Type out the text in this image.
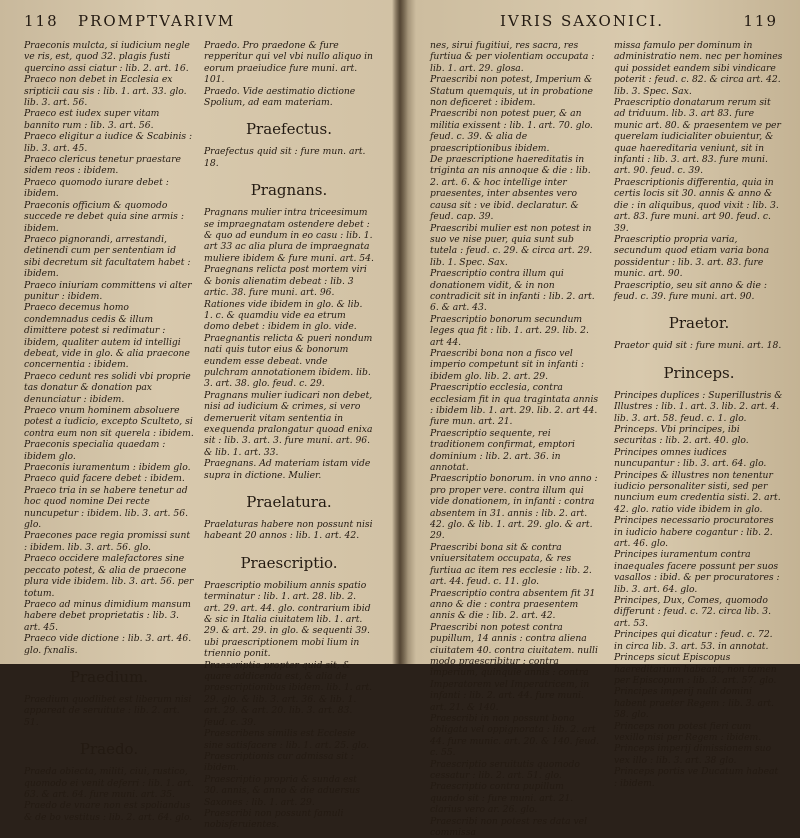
118 PROMPTVARIVM
Praeconis mulcta, si iudicium negle ve ris, est, quod 32. plagis fusti quercino assi ciatur : lib. 2. art. 16.
Praeco non debet in Ecclesia ex sripticii cau sis : lib. 1. art. 33. glo. lib. 3. art. 56.
Praeco est iudex super vitam bannito rum : lib. 3. art. 56.
Praeco eligitur a iudice & Scabinis : lib. 3. art. 45.
Praeco clericus tenetur praestare sidem reos : ibidem.
Praeco quomodo iurare debet : ibidem.
Praeconis officium & quomodo succede re debet quia sine armis : ibidem.
Praeco pignorandi, arrestandi, detinendi cum per sententiam id sibi decretum sit facultatem habet : ibidem.
Praeco iniuriam committens vi alter punitur : ibidem.
Praeco decemus homo condemnadus cedis & illum dimittere potest si redimatur : ibidem, qualiter autem id intelligi debeat, vide in glo. & alia praecone concernentia : ibidem.
Praeco cedunt res solidi vbi proprie tas donatur & donation pax denunciatur : ibidem.
Praeco vnum hominem absoluere potest a iudicio, excepto Sculteto, si contra eum non sit querela : ibidem.
Praeconis specialia quaedam : ibidem glo.
Praeconis iuramentum : ibidem glo.
Praeco quid facere debet : ibidem.
Praeco tria in se habere tenetur ad hoc quod nomine Dei recte nuncupetur : ibidem. lib. 3. art. 56. glo.
Praecones pace regia promissi sunt : ibidem. lib. 3. art. 56. glo.
Praeco occidere malefactores sine peccato potest, & alia de praecone plura vide ibidem. lib. 3. art. 56. per totum.
Praeco ad minus dimidium mansum habere debet proprietatis : lib. 3. art. 45.
Praeco vide dictione : lib. 3. art. 46. glo. fxnalis.
Praedium.
Praedium quodlibet est liberum nisi appareat de seruitute : lib. 2. art. 51.
Praedo.
Praeda obiecta, militi, ciui, rustico, quomodo ei venit deferri : lib. 1. art. 63. & art. 64. fure muni. art. 35.
Praedo de vnare non est spoliandus & de bo vestitus : lib. 2. art. 64. glo.
Praedo. Pro praedone & fure repperitur qui vel vbi nullo aliquo in eorum praeiudice fure muni. art. 101.
Praedo. Vide aestimatio dictione Spolium, ad eam materiam.
Praefectus.
Praefectus quid sit : fure mun. art. 18.
Pragnans.
Pragnans mulier intra triceesimum se impraegnatam ostendere debet : & quo ad eundum in eo casu : lib. 1. art 33 ac alia plura de impraegnata muliere ibidem & fure muni. art. 54.
Praegnans relicta post mortem viri & bonis alienatim debeat : lib. 3 artic. 38. fure muni. art. 96. Rationes vide ibidem in glo. & lib. 1. c. & quamdiu vide ea etrum domo debet : ibidem in glo. vide.
Praegnantis relicta & pueri nondum nati quis tutor eius & bonorum eundem esse debeat. vnde pulchram annotationem ibidem. lib. 3. art. 38. glo. feud. c. 29.
Pragnans mulier iudicari non debet, nisi ad iudicium & crimes, si vero demeruerit vitam sententia in exequenda pralongatur quoad enixa sit : lib. 3. art. 3. fure muni. art. 96. & lib. 1. art. 33.
Praegnans. Ad materiam istam vide supra in dictione. Mulier.
Praelatura.
Praelaturas habere non possunt nisi habeant 20 annos : lib. 1. art. 42.
Praescriptio.
Praescriptio mobilium annis spatio terminatur : lib. 1. art. 28. lib. 2. art. 29. art. 44. glo. contrarium ibid & sic in Italia ciuitatem lib. 1. art. 29. & art. 29. in glo. & sequenti 39. ubi praescriptionem mobi lium in triennio ponit.
Praescriptio propter quid sit, & quare addicenda est, & alia de praescriptionibus ibidem. lib. 1. art. 29. glo. & lib. 3. art. 36. & lib. 1. art. 29. & art. 20. lib. 3. art. 83. feud. c. 39.
Praescribens similis est Ecclesie sine satisfacere : lib. 1. art. 25. glo.
Praescriptionis cur admissa sit : ibidem.
Praescriptio propria & sunda est 30. annis, & anno & die aduersus Saxones : lib. 1. art. 29.
Praescribi non possunt famuli nobisferuientes.
IVRIS SAXONICI.	119
nes, sirui fugitiui, res sacra, res furtiua & per violentiam occupata : lib. 1. art. 29. glosa.
Praescribi non potest, Imperium & Statum quemquis, ut in probatione non deficeret : ibidem.
Praescribi non potest puer, & an militia exissent : lib. 1. art. 70. glo. feud. c. 39. & alia de praescriptionibus ibidem.
De praescriptione haereditatis in triginta an nis annoque & die : lib. 2. art. 6. & hoc intellige inter praesentes, inter absentes vero causa sit : ve ibid. declaratur. & feud. cap. 39.
Praescribi mulier est non potest in suo ve nise puer, quia sunt sub tutela : feud. c. 29. & circa art. 29. lib. 1. Spec. Sax.
Praescriptio contra illum qui donationem vidit, & in non contradicit sit in infanti : lib. 2. art. 6. & art. 43.
Praescriptio bonorum secundum leges qua fit : lib. 1. art. 29. lib. 2. art 44.
Praescribi bona non a fisco vel imperio competunt sit in infanti : ibidem glo. lib. 2. art. 29.
Praescriptio ecclesia, contra ecclesiam fit in qua tragintata annis : ibidem lib. 1. art. 29. lib. 2. art 44. fure mun. art. 21.
Praescriptio sequente, rei traditionem confirmat, emptori dominium : lib. 2. art. 36. in annotat.
Praescriptio bonorum. in vno anno : pro proper vere. contra illum qui vide donationem, in infanti : contra absentem in 31. annis : lib. 2. art. 42. glo. & lib. 1. art. 29. glo. & art. 29.
Praescribi bona sit & contra vniuersitatem occupata, & res furtiua ac item res ecclesie : lib. 2. art. 44. feud. c. 11. glo.
Praescriptio contra absentem fit 31 anno & die : contra praesentem annis & die : lib. 2. art. 42.
Praescribi non potest contra pupillum, 14 annis : contra aliena ciuitatem 40. contra ciuitatem. nulli modo praescribitur : contra imperium, quinquie annis : contra Imperatorem vel Imperatricem, in infanti : lib. 2. art. 44. fure muni. art. 21. & 140.
Praescribi in non possunt bona obligata vel oppignorata : lib. 2. art 44. fure munic. art. 20. & 140. feud. c. 55.
Praescriptio seruitutis quomodo cessatur : lib. 2. art. 51. glo.
Praescriptio contra pupillum quando sit : fure muni. art. 21. clarius vero ar. 26. glo.
Praescribi non potest res data vel commissa
missa famulo per dominum in administratio nem. nec per homines qui possidet eandem sibi vindicare poterit : feud. c. 82. & circa art. 42. lib. 3. Spec. Sax.
Praescriptio donatarum rerum sit ad triduum. lib. 3. art 83. fure munic art. 80. & praesentem ve per querelam iudicialiter obuientur, & quae haereditaria veniunt, sit in infanti : lib. 3. art. 83. fure muni. art. 90. feud. c. 39.
Praescriptionis differentia, quia in certis locis sit 30. annis & anno & die : in aliquibus, quod vixit : lib. 3. art. 83. fure muni. art 90. feud. c. 39.
Praescriptio propria varia, secundum quod etiam varia bona possidentur : lib. 3. art. 83. fure munic. art. 90.
Praescriptio, seu sit anno & die : feud. c. 39. fure muni. art. 90.
Praetor.
Praetor quid sit : fure muni. art. 18.
Princeps.
Principes duplices : Superillustris & Illustres : lib. 1. art. 3. lib. 2. art. 4. lib. 3. art. 58. feud. c. 1. glo.
Princeps. Vbi principes, ibi securitas : lib. 2. art. 40. glo.
Principes omnes iudices nuncupantur : lib. 3. art. 64. glo.
Principes & illustres non tenentur iudicio personaliter sisti, sed per nuncium eum credentia sisti. 2. art. 42. glo. ratio vide ibidem in glo.
Principes necessario procuratores in iudicio habere cogantur : lib. 2. art. 46. glo.
Principes iuramentum contra inaequales facere possunt per suos vasallos : ibid. & per procuratores : lib. 3. art. 64. glo.
Principes, Dux, Comes, quomodo differunt : feud. c. 72. circa lib. 3. art. 53.
Principes qui dicatur : feud. c. 72. in circa lib. 3. art. 53. in annotat.
Princeps sicut Episcopus haereditarium habeant, non tamen per Episcopum : lib. 3. art. 57. glo.
Principes imperij nulli domini habent praeter Regem : lib. 3. art. 58. glo.
Princeps non potest fieri cum vexillo nisi per Regem : ibidem.
Princeps imperij dimissionem suo vex illo : lib. 3. art. 38 glo.
Princeps portis ve Ducatum habeat : ibidem.
